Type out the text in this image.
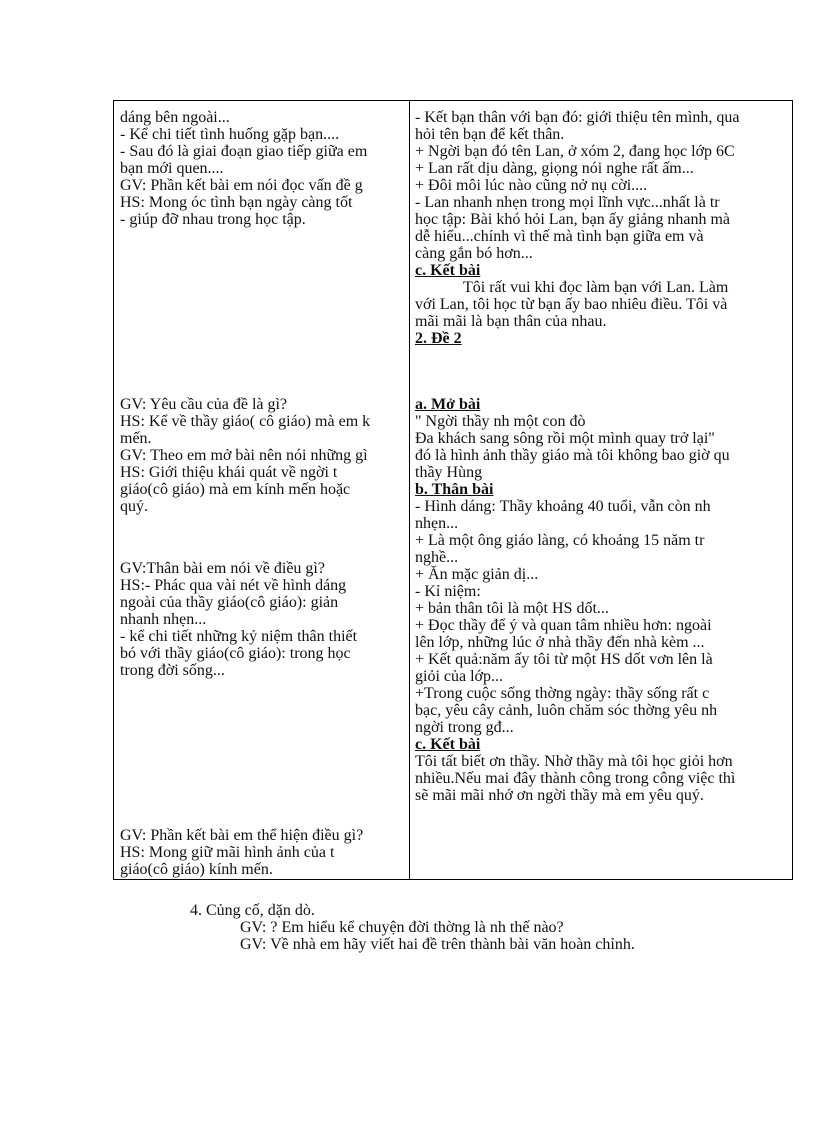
dáng bên ngoài...
- Kể chi tiết tình huống gặp bạn....
- Sau đó là giai đoạn giao tiếp giữa em
bạn mới quen....
GV: Phần kết bài em nói đọc vấn đề g
HS: Mong óc tình bạn ngày càng tốt
- giúp đỡ nhau trong học tập.
GV: Yêu cầu của đề là gì?
HS: Kể về thầy giáo( cô giáo) mà em k
mến.
GV: Theo em mở bài nên nói những gì
HS: Giới thiệu khái quát về ngời t
giáo(cô giáo) mà em kính mến hoặc
quý.
GV:Thân bài em nói về điều gì?
HS:- Phác qua vài nét về hình dáng
ngoài của thầy giáo(cô giáo): giản
nhanh nhẹn...
- kể chi tiết những kỷ niệm thân thiết
bó với thầy giáo(cô giáo): trong học
trong đời sống...
GV: Phần kết bài em thể hiện điều gì?
HS: Mong giữ mãi hình ảnh của t
giáo(cô giáo) kính mến.
- Kết bạn thân với bạn đó: giới thiệu tên mình, qua
hỏi tên bạn để kết thân.
+ Ngời bạn đó tên Lan, ở xóm 2, đang học lớp 6C
+ Lan rất dịu dàng, giọng nói nghe rất ấm...
+ Đôi môi lúc nào cũng nở nụ cời....
- Lan nhanh nhẹn trong mọi lĩnh vực...nhất là tr
học tập: Bài khó hỏi Lan, bạn ấy giảng nhanh mà
dễ hiểu...chính vì thế mà tình bạn giữa em và
càng gắn bó hơn...
c. Kết bài
Tôi rất vui khi đọc làm bạn với Lan. Làm
với Lan, tôi học từ bạn ấy bao nhiêu điều. Tôi và
mãi mãi là bạn thân của nhau.
2. Đề 2
a. Mở bài
" Ngời thầy nh một con đò
Đa khách sang sông rồi một mình quay trở lại"
đó là hình ảnh thầy giáo mà tôi không bao giờ qu
thầy Hùng
b. Thân bài
- Hình dáng: Thầy khoảng 40 tuổi, vẫn còn nh
nhẹn...
+ Là một ông giáo làng, có khoảng 15 năm tr
nghề...
+ Ăn mặc giản dị...
- Kỉ niệm:
+ bản thân tôi là một HS dốt...
+ Đọc thầy để ý và quan tâm nhiều hơn: ngoài
lên lớp, những lúc ở nhà thầy đến nhà kèm ...
+ Kết quả:năm ấy tôi từ một HS dốt vơn lên là
giỏi của lớp...
+Trong cuộc sống thờng ngày: thầy sống rất c
bạc, yêu cây cảnh, luôn chăm sóc thờng yêu nh
ngời trong gđ...
c. Kết bài
Tôi tất biết ơn thầy. Nhờ thầy mà tôi học giỏi hơn
nhiều.Nếu mai đây thành công trong công việc thì
sẽ mãi mãi nhớ ơn ngời thầy mà em yêu quý.
4. Củng cố, dặn dò.
GV: ? Em hiểu kể chuyện đời thờng là nh thế nào?
GV: Về nhà em hãy viết hai đề trên thành bài văn hoàn chỉnh.
